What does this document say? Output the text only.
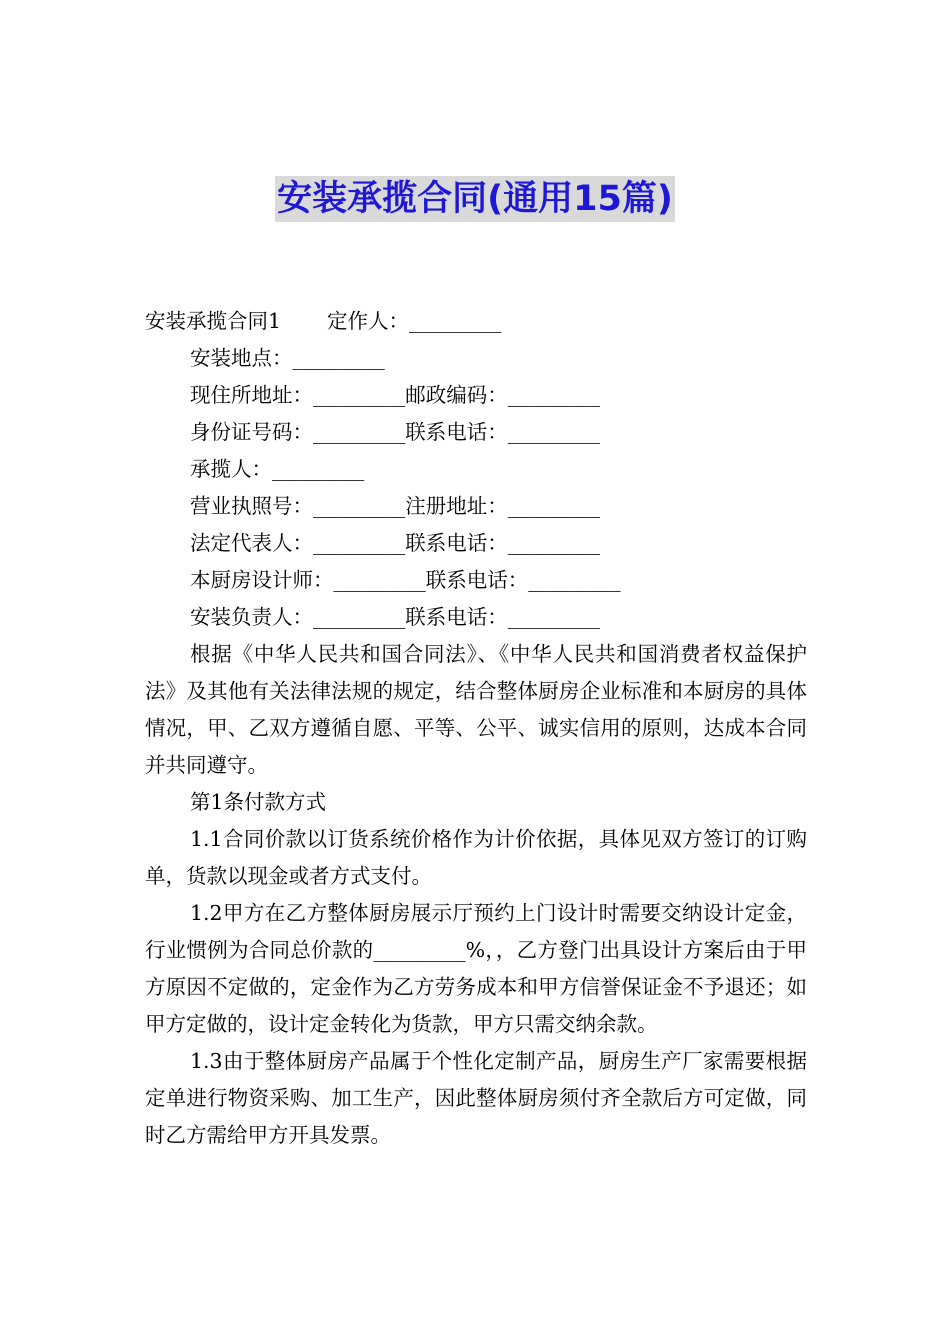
安装承揽合同(通用15篇)
安装承揽合同1 定作人：_________
安装地点：_________
现住所地址：_________邮政编码：_________
身份证号码：_________联系电话：_________
承揽人：_________
营业执照号：_________注册地址：_________
法定代表人：_________联系电话：_________
本厨房设计师：_________联系电话：_________
安装负责人：_________联系电话：_________

根据《中华人民共和国合同法》、《中华人民共和国消费者权益保护法》及其他有关法律法规的规定，结合整体厨房企业标准和本厨房的具体情况，甲、乙双方遵循自愿、平等、公平、诚实信用的原则，达成本合同并共同遵守。

第1条付款方式

1.1合同价款以订货系统价格作为计价依据，具体见双方签订的订购单，货款以现金或者方式支付。

1.2甲方在乙方整体厨房展示厅预约上门设计时需要交纳设计定金，行业惯例为合同总价款的_________%，，乙方登门出具设计方案后由于甲方原因不定做的，定金作为乙方劳务成本和甲方信誉保证金不予退还；如甲方定做的，设计定金转化为货款，甲方只需交纳余款。

1.3由于整体厨房产品属于个性化定制产品，厨房生产厂家需要根据定单进行物资采购、加工生产，因此整体厨房须付齐全款后方可定做，同时乙方需给甲方开具发票。
